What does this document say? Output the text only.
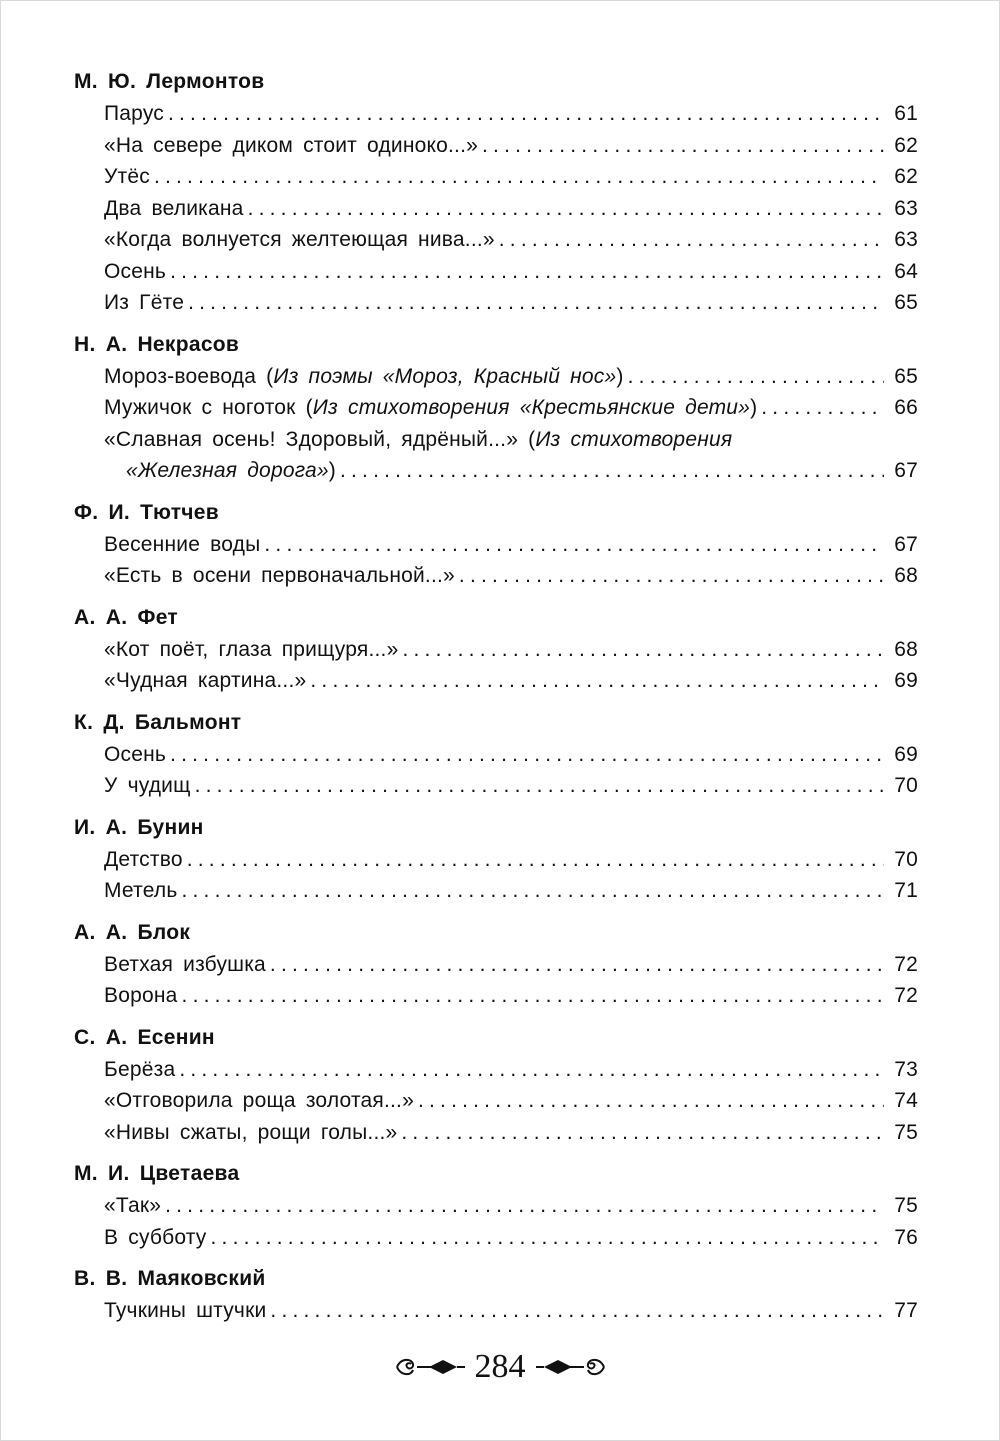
М. Ю. Лермонтов
Парус .....	61
«На севере диком стоит одиноко...» .....	62
Утёс .....	62
Два великана .....	63
«Когда волнуется желтеющая нива...» .....	63
Осень .....	64
Из Гёте .....	65
Н. А. Некрасов
Мороз-воевода (Из поэмы «Мороз, Красный нос») .....	65
Мужичок с ноготок (Из стихотворения «Крестьянские дети») .....	66
«Славная осень! Здоровый, ядрёный...» (Из стихотворения
«Железная дорога») .....	67
Ф. И. Тютчев
Весенние воды .....	67
«Есть в осени первоначальной...» .....	68
А. А. Фет
«Кот поёт, глаза прищуря...» .....	68
«Чудная картина...» .....	69
К. Д. Бальмонт
Осень .....	69
У чудищ .....	70
И. А. Бунин
Детство .....	70
Метель .....	71
А. А. Блок
Ветхая избушка .....	72
Ворона .....	72
С. А. Есенин
Берёза .....	73
«Отговорила роща золотая...» .....	74
«Нивы сжаты, рощи голы...» .....	75
М. И. Цветаева
«Так» .....	75
В субботу .....	76
В. В. Маяковский
Тучкины штучки .....	77
284
